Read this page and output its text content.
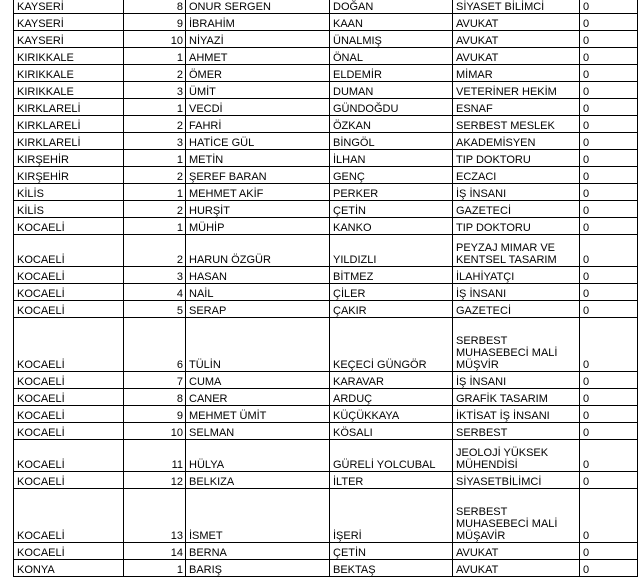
KAYSERİ	8	ONUR SERGEN	DOĞAN	SİYASET BİLİMCİ	0
KAYSERİ	9	İBRAHİM	KAAN	AVUKAT	0
KAYSERİ	10	NİYAZİ	ÜNALMIŞ	AVUKAT	0
KIRIKKALE	1	AHMET	ÖNAL	AVUKAT	0
KIRIKKALE	2	ÖMER	ELDEMİR	MİMAR	0
KIRIKKALE	3	ÜMİT	DUMAN	VETERİNER HEKİM	0
KIRKLARELİ	1	VECDİ	GÜNDOĞDU	ESNAF	0
KIRKLARELİ	2	FAHRİ	ÖZKAN	SERBEST MESLEK	0
KIRKLARELİ	3	HATİCE GÜL	BİNGÖL	AKADEMİSYEN	0
KIRŞEHİR	1	METİN	İLHAN	TIP DOKTORU	0
KIRŞEHİR	2	ŞEREF BARAN	GENÇ	ECZACI	0
KİLİS	1	MEHMET AKİF	PERKER	İŞ İNSANI	0
KİLİS	2	HURŞİT	ÇETİN	GAZETECİ	0
KOCAELİ	1	MÜHİP	KANKO	TIP DOKTORU	0
KOCAELİ	2	HARUN ÖZGÜR	YILDIZLI	PEYZAJ MIMAR VE KENTSEL TASARIM	0
KOCAELİ	3	HASAN	BİTMEZ	İLAHİYATÇI	0
KOCAELİ	4	NAİL	ÇİLER	İŞ İNSANI	0
KOCAELİ	5	SERAP	ÇAKIR	GAZETECİ	0
KOCAELİ	6	TÜLİN	KEÇECİ GÜNGÖR	SERBEST MUHASEBECİ MALİ MÜŞVİR	0
KOCAELİ	7	CUMA	KARAVAR	İŞ İNSANI	0
KOCAELİ	8	CANER	ARDUÇ	GRAFİK TASARIM	0
KOCAELİ	9	MEHMET ÜMİT	KÜÇÜKKAYA	İKTİSAT İŞ İNSANI	0
KOCAELİ	10	SELMAN	KÖSALI	SERBEST	0
KOCAELİ	11	HÜLYA	GÜRELİ YOLCUBAL	JEOLOJİ YÜKSEK MÜHENDİSİ	0
KOCAELİ	12	BELKIZA	İLTER	SİYASETBİLİMCİ	0
KOCAELİ	13	İSMET	İŞERİ	SERBEST MUHASEBECİ MALİ MÜŞAVİR	0
KOCAELİ	14	BERNA	ÇETİN	AVUKAT	0
KONYA	1	BARIŞ	BEKTAŞ	AVUKAT	0
